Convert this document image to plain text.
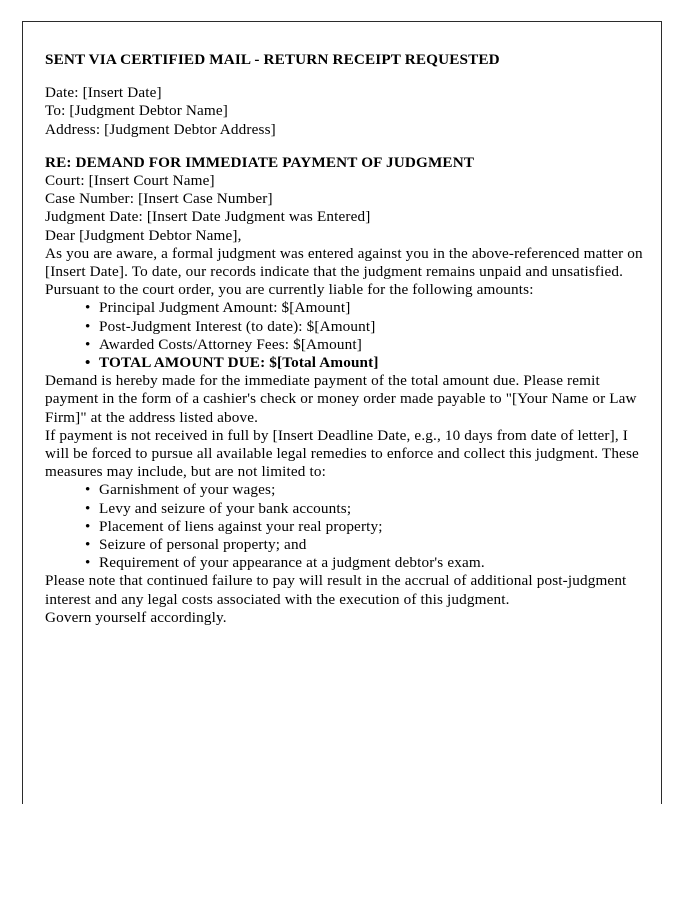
SENT VIA CERTIFIED MAIL - RETURN RECEIPT REQUESTED

Date: [Insert Date]

To: [Judgment Debtor Name]

Address: [Judgment Debtor Address]

RE: DEMAND FOR IMMEDIATE PAYMENT OF JUDGMENT

Court: [Insert Court Name]

Case Number: [Insert Case Number]

Judgment Date: [Insert Date Judgment was Entered]

Dear [Judgment Debtor Name],

As you are aware, a formal judgment was entered against you in the above-referenced matter on [Insert Date]. To date, our records indicate that the judgment remains unpaid and unsatisfied.

Pursuant to the court order, you are currently liable for the following amounts:

• Principal Judgment Amount: $[Amount]
• Post-Judgment Interest (to date): $[Amount]
• Awarded Costs/Attorney Fees: $[Amount]
• TOTAL AMOUNT DUE: $[Total Amount]

Demand is hereby made for the immediate payment of the total amount due. Please remit payment in the form of a cashier's check or money order made payable to "[Your Name or Law Firm]" at the address listed above.

If payment is not received in full by [Insert Deadline Date, e.g., 10 days from date of letter], I will be forced to pursue all available legal remedies to enforce and collect this judgment. These measures may include, but are not limited to:

• Garnishment of your wages;
• Levy and seizure of your bank accounts;
• Placement of liens against your real property;
• Seizure of personal property; and
• Requirement of your appearance at a judgment debtor's exam.

Please note that continued failure to pay will result in the accrual of additional post-judgment interest and any legal costs associated with the execution of this judgment.

Govern yourself accordingly.
